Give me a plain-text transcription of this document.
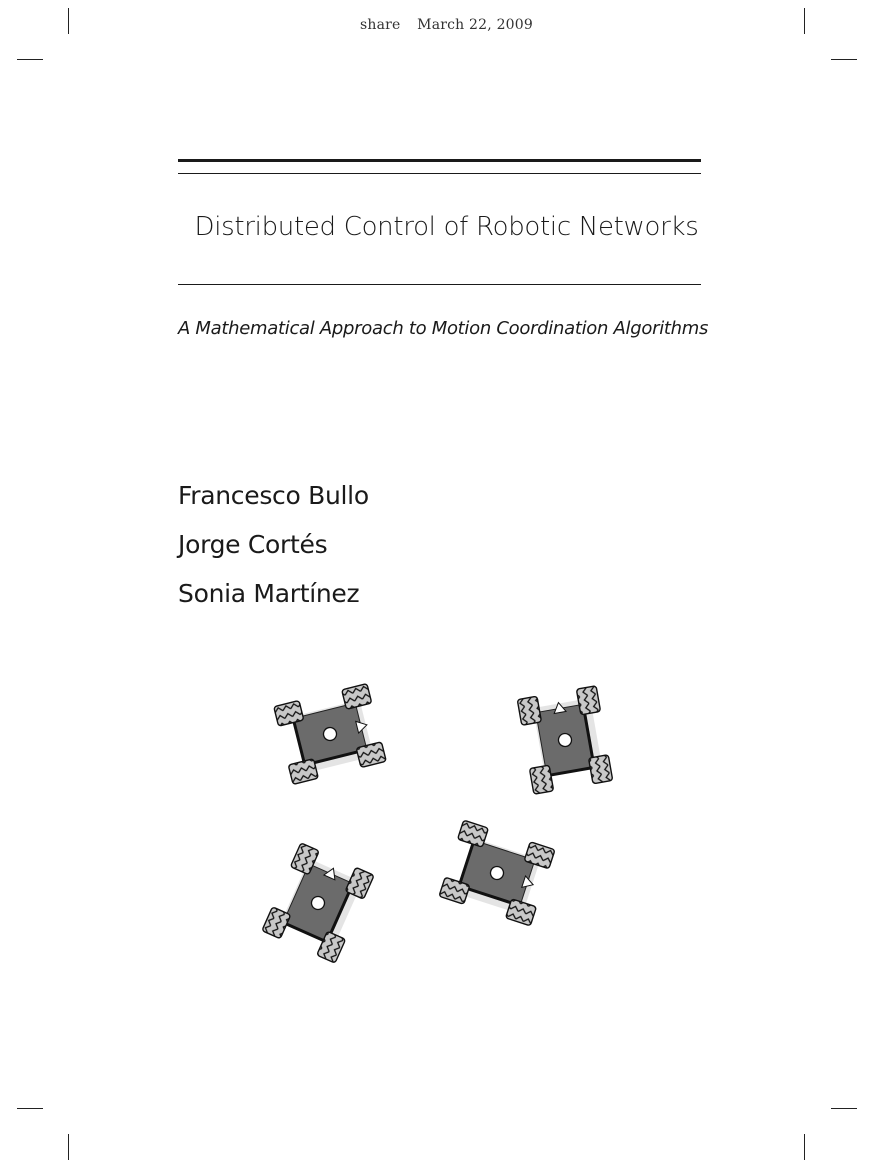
share March 22, 2009
Distributed Control of Robotic Networks
A Mathematical Approach to Motion Coordination Algorithms
Francesco Bullo
Jorge Cortés
Sonia Martínez
